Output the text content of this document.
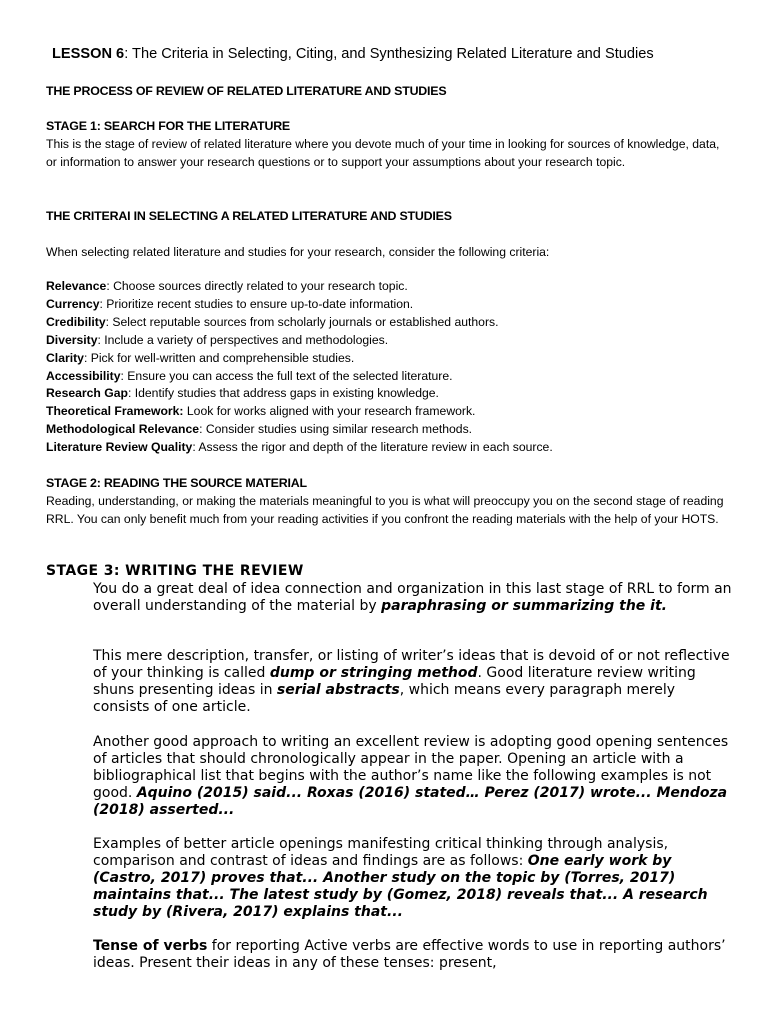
LESSON 6: The Criteria in Selecting, Citing, and Synthesizing Related Literature and Studies
THE PROCESS OF REVIEW OF RELATED LITERATURE AND STUDIES
STAGE 1: SEARCH FOR THE LITERATURE
This is the stage of review of related literature where you devote much of your time in looking for sources of knowledge, data, or information to answer your research questions or to support your assumptions about your research topic.
THE CRITERAI IN SELECTING A RELATED LITERATURE AND STUDIES
When selecting related literature and studies for your research, consider the following criteria:
Relevance: Choose sources directly related to your research topic.
Currency: Prioritize recent studies to ensure up-to-date information.
Credibility: Select reputable sources from scholarly journals or established authors.
Diversity: Include a variety of perspectives and methodologies.
Clarity: Pick for well-written and comprehensible studies.
Accessibility: Ensure you can access the full text of the selected literature.
Research Gap: Identify studies that address gaps in existing knowledge.
Theoretical Framework: Look for works aligned with your research framework.
Methodological Relevance: Consider studies using similar research methods.
Literature Review Quality: Assess the rigor and depth of the literature review in each source.
STAGE 2: READING THE SOURCE MATERIAL
Reading, understanding, or making the materials meaningful to you is what will preoccupy you on the second stage of reading RRL. You can only benefit much from your reading activities if you confront the reading materials with the help of your HOTS.
STAGE 3: WRITING THE REVIEW

You do a great deal of idea connection and organization in this last stage of RRL to form an overall understanding of the material by paraphrasing or summarizing the it.

This mere description, transfer, or listing of writer’s ideas that is devoid of or not reflective of your thinking is called dump or stringing method. Good literature review writing shuns presenting ideas in serial abstracts, which means every paragraph merely consists of one article.

Another good approach to writing an excellent review is adopting good opening sentences of articles that should chronologically appear in the paper. Opening an article with a bibliographical list that begins with the author’s name like the following examples is not good. Aquino (2015) said... Roxas (2016) stated… Perez (2017) wrote... Mendoza (2018) asserted...

Examples of better article openings manifesting critical thinking through analysis, comparison and contrast of ideas and findings are as follows: One early work by (Castro, 2017) proves that... Another study on the topic by (Torres, 2017) maintains that... The latest study by (Gomez, 2018) reveals that... A research study by (Rivera, 2017) explains that...

Tense of verbs for reporting Active verbs are effective words to use in reporting authors’ ideas. Present their ideas in any of these tenses: present,
